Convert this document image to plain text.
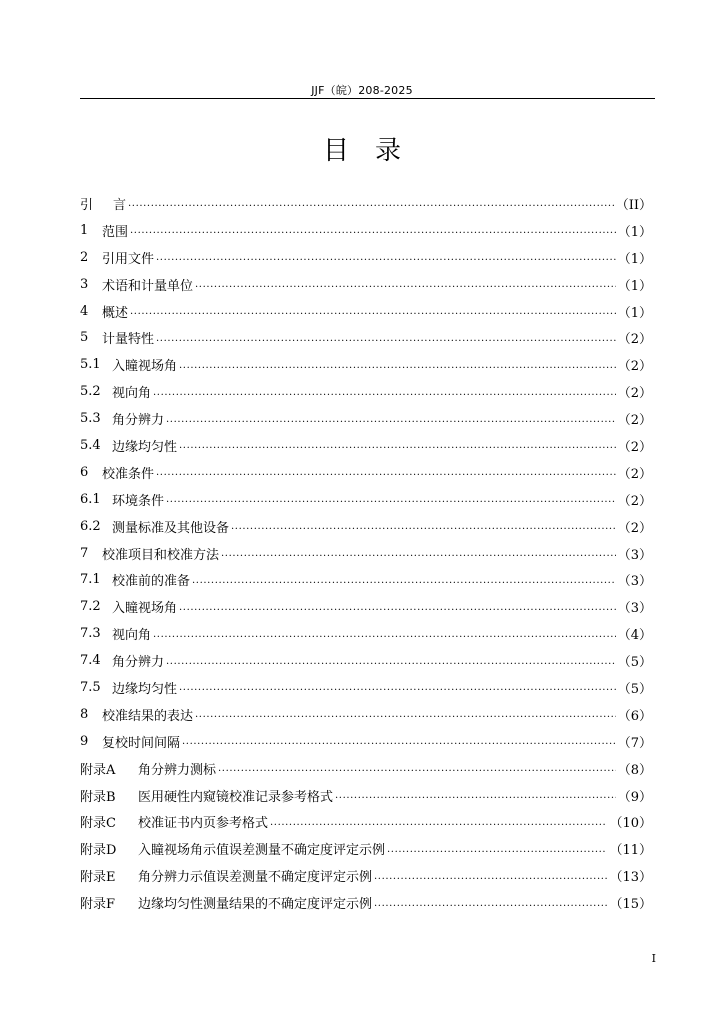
JJF（皖）208-2025
目录
引	言 .....	（II）
1	范围 .....	（1）
2	引用文件 .....	（1）
3	术语和计量单位 .....	（1）
4	概述 .....	（1）
5	计量特性 .....	（2）
5.1 入瞳视场角 .....	（2）
5.2 视向角 .....	（2）
5.3 角分辨力 .....	（2）
5.4 边缘均匀性 .....	（2）
6	校准条件 .....	（2）
6.1 环境条件 .....	（2）
6.2 测量标准及其他设备 .....	（2）
7	校准项目和校准方法 .....	（3）
7.1 校准前的准备 .....	（3）
7.2 入瞳视场角 .....	（3）
7.3 视向角 .....	（4）
7.4 角分辨力 .....	（5）
7.5 边缘均匀性 .....	（5）
8	校准结果的表达 .....	（6）
9	复校时间间隔 .....	（7）
附录A	角分辨力测标 .....	（8）
附录B	医用硬性内窥镜校准记录参考格式 .....	（9）
附录C	校准证书内页参考格式 .....	（10）
附录D	入瞳视场角示值误差测量不确定度评定示例 .....	（11）
附录E	角分辨力示值误差测量不确定度评定示例 .....	（13）
附录F	边缘均匀性测量结果的不确定度评定示例 .....	（15）
I
